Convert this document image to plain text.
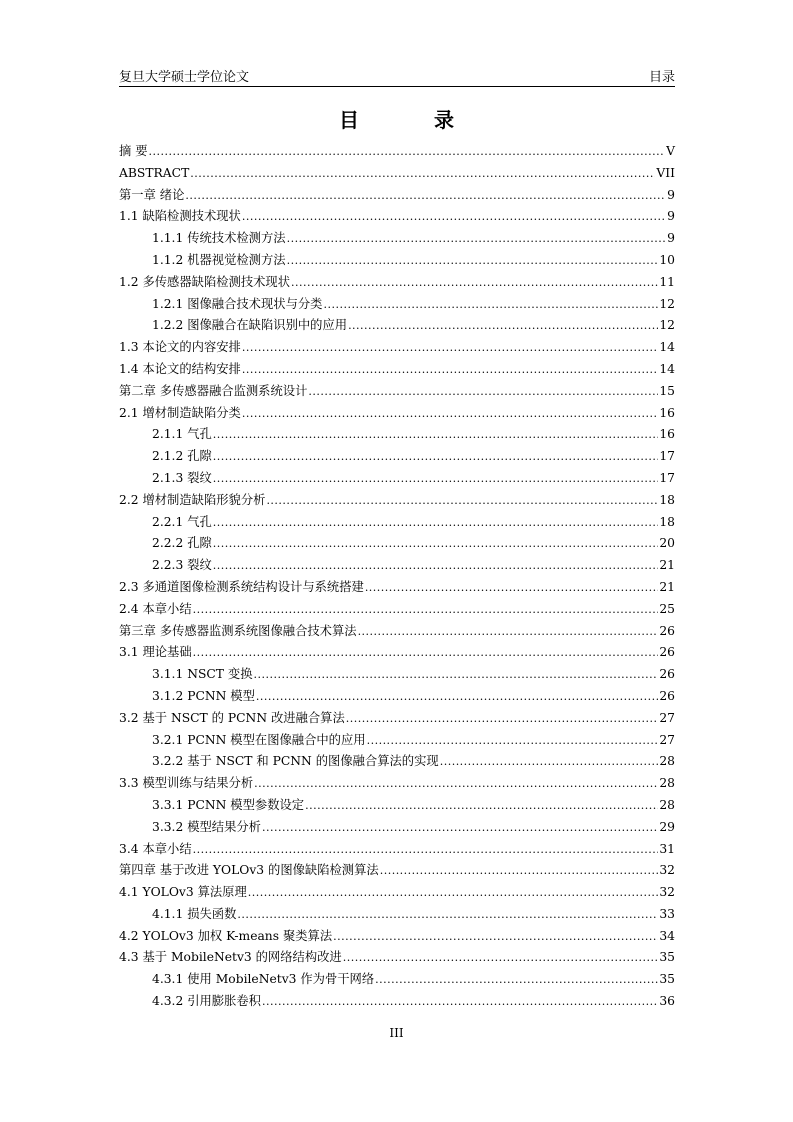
复旦大学硕士学位论文	目录
目 录
摘 要 .....	V
ABSTRACT .....	VII
第一章 绪论 .....	9
1.1 缺陷检测技术现状 .....	9
1.1.1 传统技术检测方法 .....	9
1.1.2 机器视觉检测方法 .....	10
1.2 多传感器缺陷检测技术现状 .....	11
1.2.1 图像融合技术现状与分类 .....	12
1.2.2 图像融合在缺陷识别中的应用 .....	12
1.3 本论文的内容安排 .....	14
1.4 本论文的结构安排 .....	14
第二章 多传感器融合监测系统设计 .....	15
2.1 增材制造缺陷分类 .....	16
2.1.1 气孔 .....	16
2.1.2 孔隙 .....	17
2.1.3 裂纹 .....	17
2.2 增材制造缺陷形貌分析 .....	18
2.2.1 气孔 .....	18
2.2.2 孔隙 .....	20
2.2.3 裂纹 .....	21
2.3 多通道图像检测系统结构设计与系统搭建 .....	21
2.4 本章小结 .....	25
第三章 多传感器监测系统图像融合技术算法 .....	26
3.1 理论基础 .....	26
3.1.1 NSCT 变换 .....	26
3.1.2 PCNN 模型 .....	26
3.2 基于 NSCT 的 PCNN 改进融合算法 .....	27
3.2.1 PCNN 模型在图像融合中的应用 .....	27
3.2.2 基于 NSCT 和 PCNN 的图像融合算法的实现 .....	28
3.3 模型训练与结果分析 .....	28
3.3.1 PCNN 模型参数设定 .....	28
3.3.2 模型结果分析 .....	29
3.4 本章小结 .....	31
第四章 基于改进 YOLOv3 的图像缺陷检测算法 .....	32
4.1 YOLOv3 算法原理 .....	32
4.1.1 损失函数 .....	33
4.2 YOLOv3 加权 K-means 聚类算法 .....	34
4.3 基于 MobileNetv3 的网络结构改进 .....	35
4.3.1 使用 MobileNetv3 作为骨干网络 .....	35
4.3.2 引用膨胀卷积 .....	36
III
